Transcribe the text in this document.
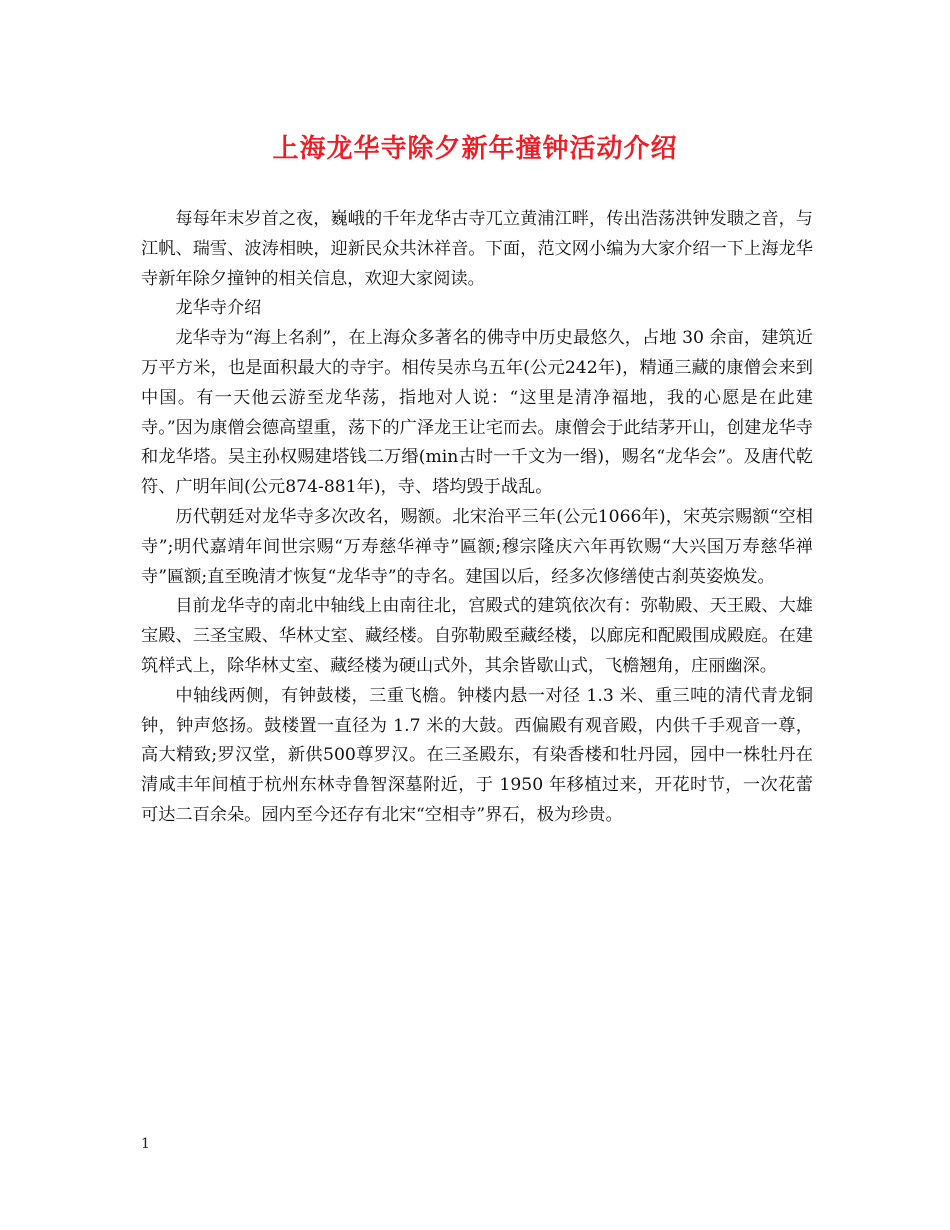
上海龙华寺除夕新年撞钟活动介绍

每每年末岁首之夜，巍峨的千年龙华古寺兀立黄浦江畔，传出浩荡洪钟发聩之音，与江帆、瑞雪、波涛相映，迎新民众共沐祥音。下面，范文网小编为大家介绍一下上海龙华寺新年除夕撞钟的相关信息，欢迎大家阅读。

龙华寺介绍

龙华寺为“海上名刹”，在上海众多著名的佛寺中历史最悠久，占地 30 余亩，建筑近万平方米，也是面积最大的寺宇。相传吴赤乌五年(公元242年)，精通三藏的康僧会来到中国。有一天他云游至龙华荡，指地对人说：“这里是清净福地，我的心愿是在此建寺。”因为康僧会德高望重，荡下的广泽龙王让宅而去。康僧会于此结茅开山，创建龙华寺和龙华塔。吴主孙权赐建塔钱二万缗(min古时一千文为一缗)，赐名“龙华会”。及唐代乾符、广明年间(公元874-881年)，寺、塔均毁于战乱。

历代朝廷对龙华寺多次改名，赐额。北宋治平三年(公元1066年)，宋英宗赐额“空相寺”;明代嘉靖年间世宗赐“万寿慈华禅寺”匾额;穆宗隆庆六年再钦赐“大兴国万寿慈华禅寺”匾额;直至晚清才恢复“龙华寺”的寺名。建国以后，经多次修缮使古刹英姿焕发。

目前龙华寺的南北中轴线上由南往北，宫殿式的建筑依次有：弥勒殿、天王殿、大雄宝殿、三圣宝殿、华林丈室、藏经楼。自弥勒殿至藏经楼，以廊庑和配殿围成殿庭。在建筑样式上，除华林丈室、藏经楼为硬山式外，其余皆歇山式，飞檐翘角，庄丽幽深。

中轴线两侧，有钟鼓楼，三重飞檐。钟楼内悬一对径 1.3 米、重三吨的清代青龙铜钟，钟声悠扬。鼓楼置一直径为 1.7 米的大鼓。西偏殿有观音殿，内供千手观音一尊，高大精致;罗汉堂，新供500尊罗汉。在三圣殿东，有染香楼和牡丹园，园中一株牡丹在清咸丰年间植于杭州东林寺鲁智深墓附近，于 1950 年移植过来，开花时节，一次花蕾可达二百余朵。园内至今还存有北宋“空相寺”界石，极为珍贵。

1
